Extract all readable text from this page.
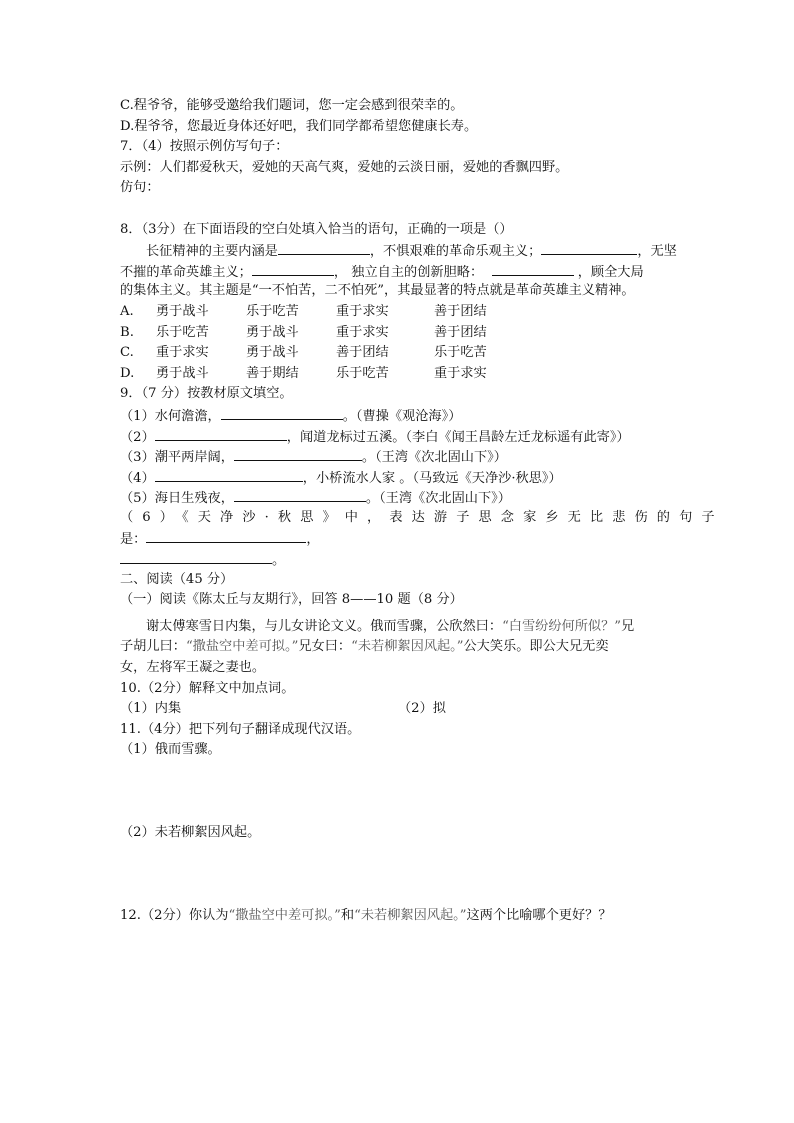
C.程爷爷，能够受邀给我们题词，您一定会感到很荣幸的。
D.程爷爷，您最近身体还好吧，我们同学都希望您健康长寿。
7．（4）按照示例仿写句子：
示例：人们都爱秋天，爱她的天高气爽，爱她的云淡日丽，爱她的香飘四野。
仿句：
8．（3分）在下面语段的空白处填入恰当的语句，正确的一项是（）
长征精神的主要内涵是	，不惧艰难的革命乐观主义；	，无坚
不摧的革命英雄主义；	， 独立自主的创新胆略：	，顾全大局
的集体主义。其主题是“一不怕苦，二不怕死”，其最显著的特点就是革命英雄主义精神。
A.	勇于战斗	乐于吃苦	重于求实	善于团结
B.	乐于吃苦	勇于战斗	重于求实	善于团结
C.	重于求实	勇于战斗	善于团结	乐于吃苦
D.	勇于战斗	善于期结	乐于吃苦	重于求实
9．（7 分）按教材原文填空。
（1）水何澹澹，	。（曹操《观沧海》）
（2）	，闻道龙标过五溪。（李白《闻王昌龄左迁龙标遥有此寄》）
（3）潮平两岸阔，	。（王湾《次北固山下》）
（4）	，小桥流水人家 。（马致远《天净沙·秋思》）
（5）海日生残夜，	。（王湾《次北固山下》）
（6）《天净沙·秋思》中，表达游子思念家乡无比悲伤的句子
是：	，
。
二、阅读（45 分）
（一）阅读《陈太丘与友期行》，回答 8——10 题（8 分）
谢太傅寒雪日内集，与儿女讲论文义。俄而雪骤，公欣然曰：“白雪纷纷何所似？”兄
子胡儿曰：“撒盐空中差可拟。”兄女曰：“未若柳絮因风起。”公大笑乐。即公大兄无奕
女，左将军王凝之妻也。
10.（2分）解释文中加点词。
（1）内集	（2）拟
11.（4分）把下列句子翻译成现代汉语。
（1）俄而雪骤。
（2）未若柳絮因风起。
12.（2分）你认为“撒盐空中差可拟。”和“未若柳絮因风起。”这两个比喻哪个更好？？
